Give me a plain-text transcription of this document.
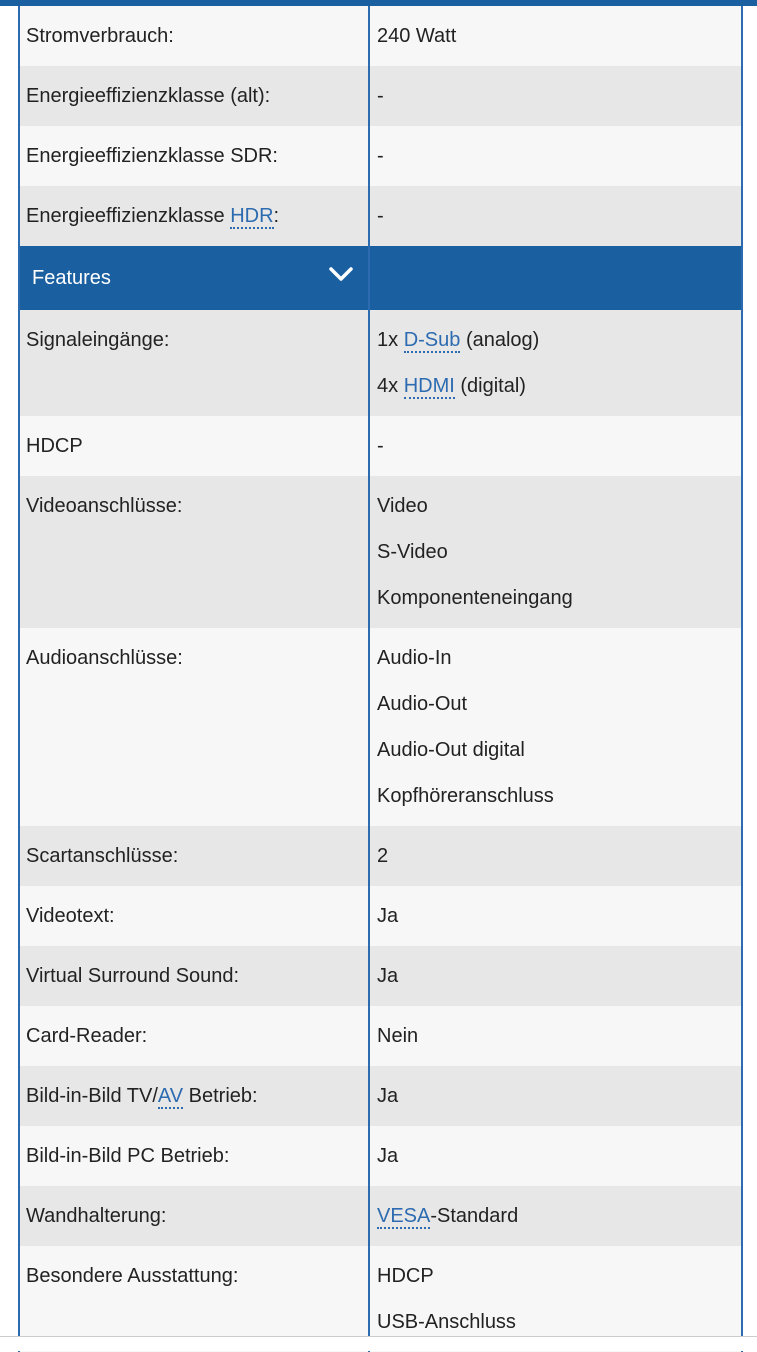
Stromverbrauch:	240 Watt
Energieeffizienzklasse (alt):	-
Energieeffizienzklasse SDR:	-
Energieeffizienzklasse HDR:	-
Features
Signaleingänge:	1x D-Sub (analog)
4x HDMI (digital)
HDCP	-
Videoanschlüsse:	Video
S-Video
Komponenteneingang
Audioanschlüsse:	Audio-In
Audio-Out
Audio-Out digital
Kopfhöreranschluss
Scartanschlüsse:	2
Videotext:	Ja
Virtual Surround Sound:	Ja
Card-Reader:	Nein
Bild-in-Bild TV/AV Betrieb:	Ja
Bild-in-Bild PC Betrieb:	Ja
Wandhalterung:	VESA-Standard
Besondere Ausstattung:	HDCP
USB-Anschluss
